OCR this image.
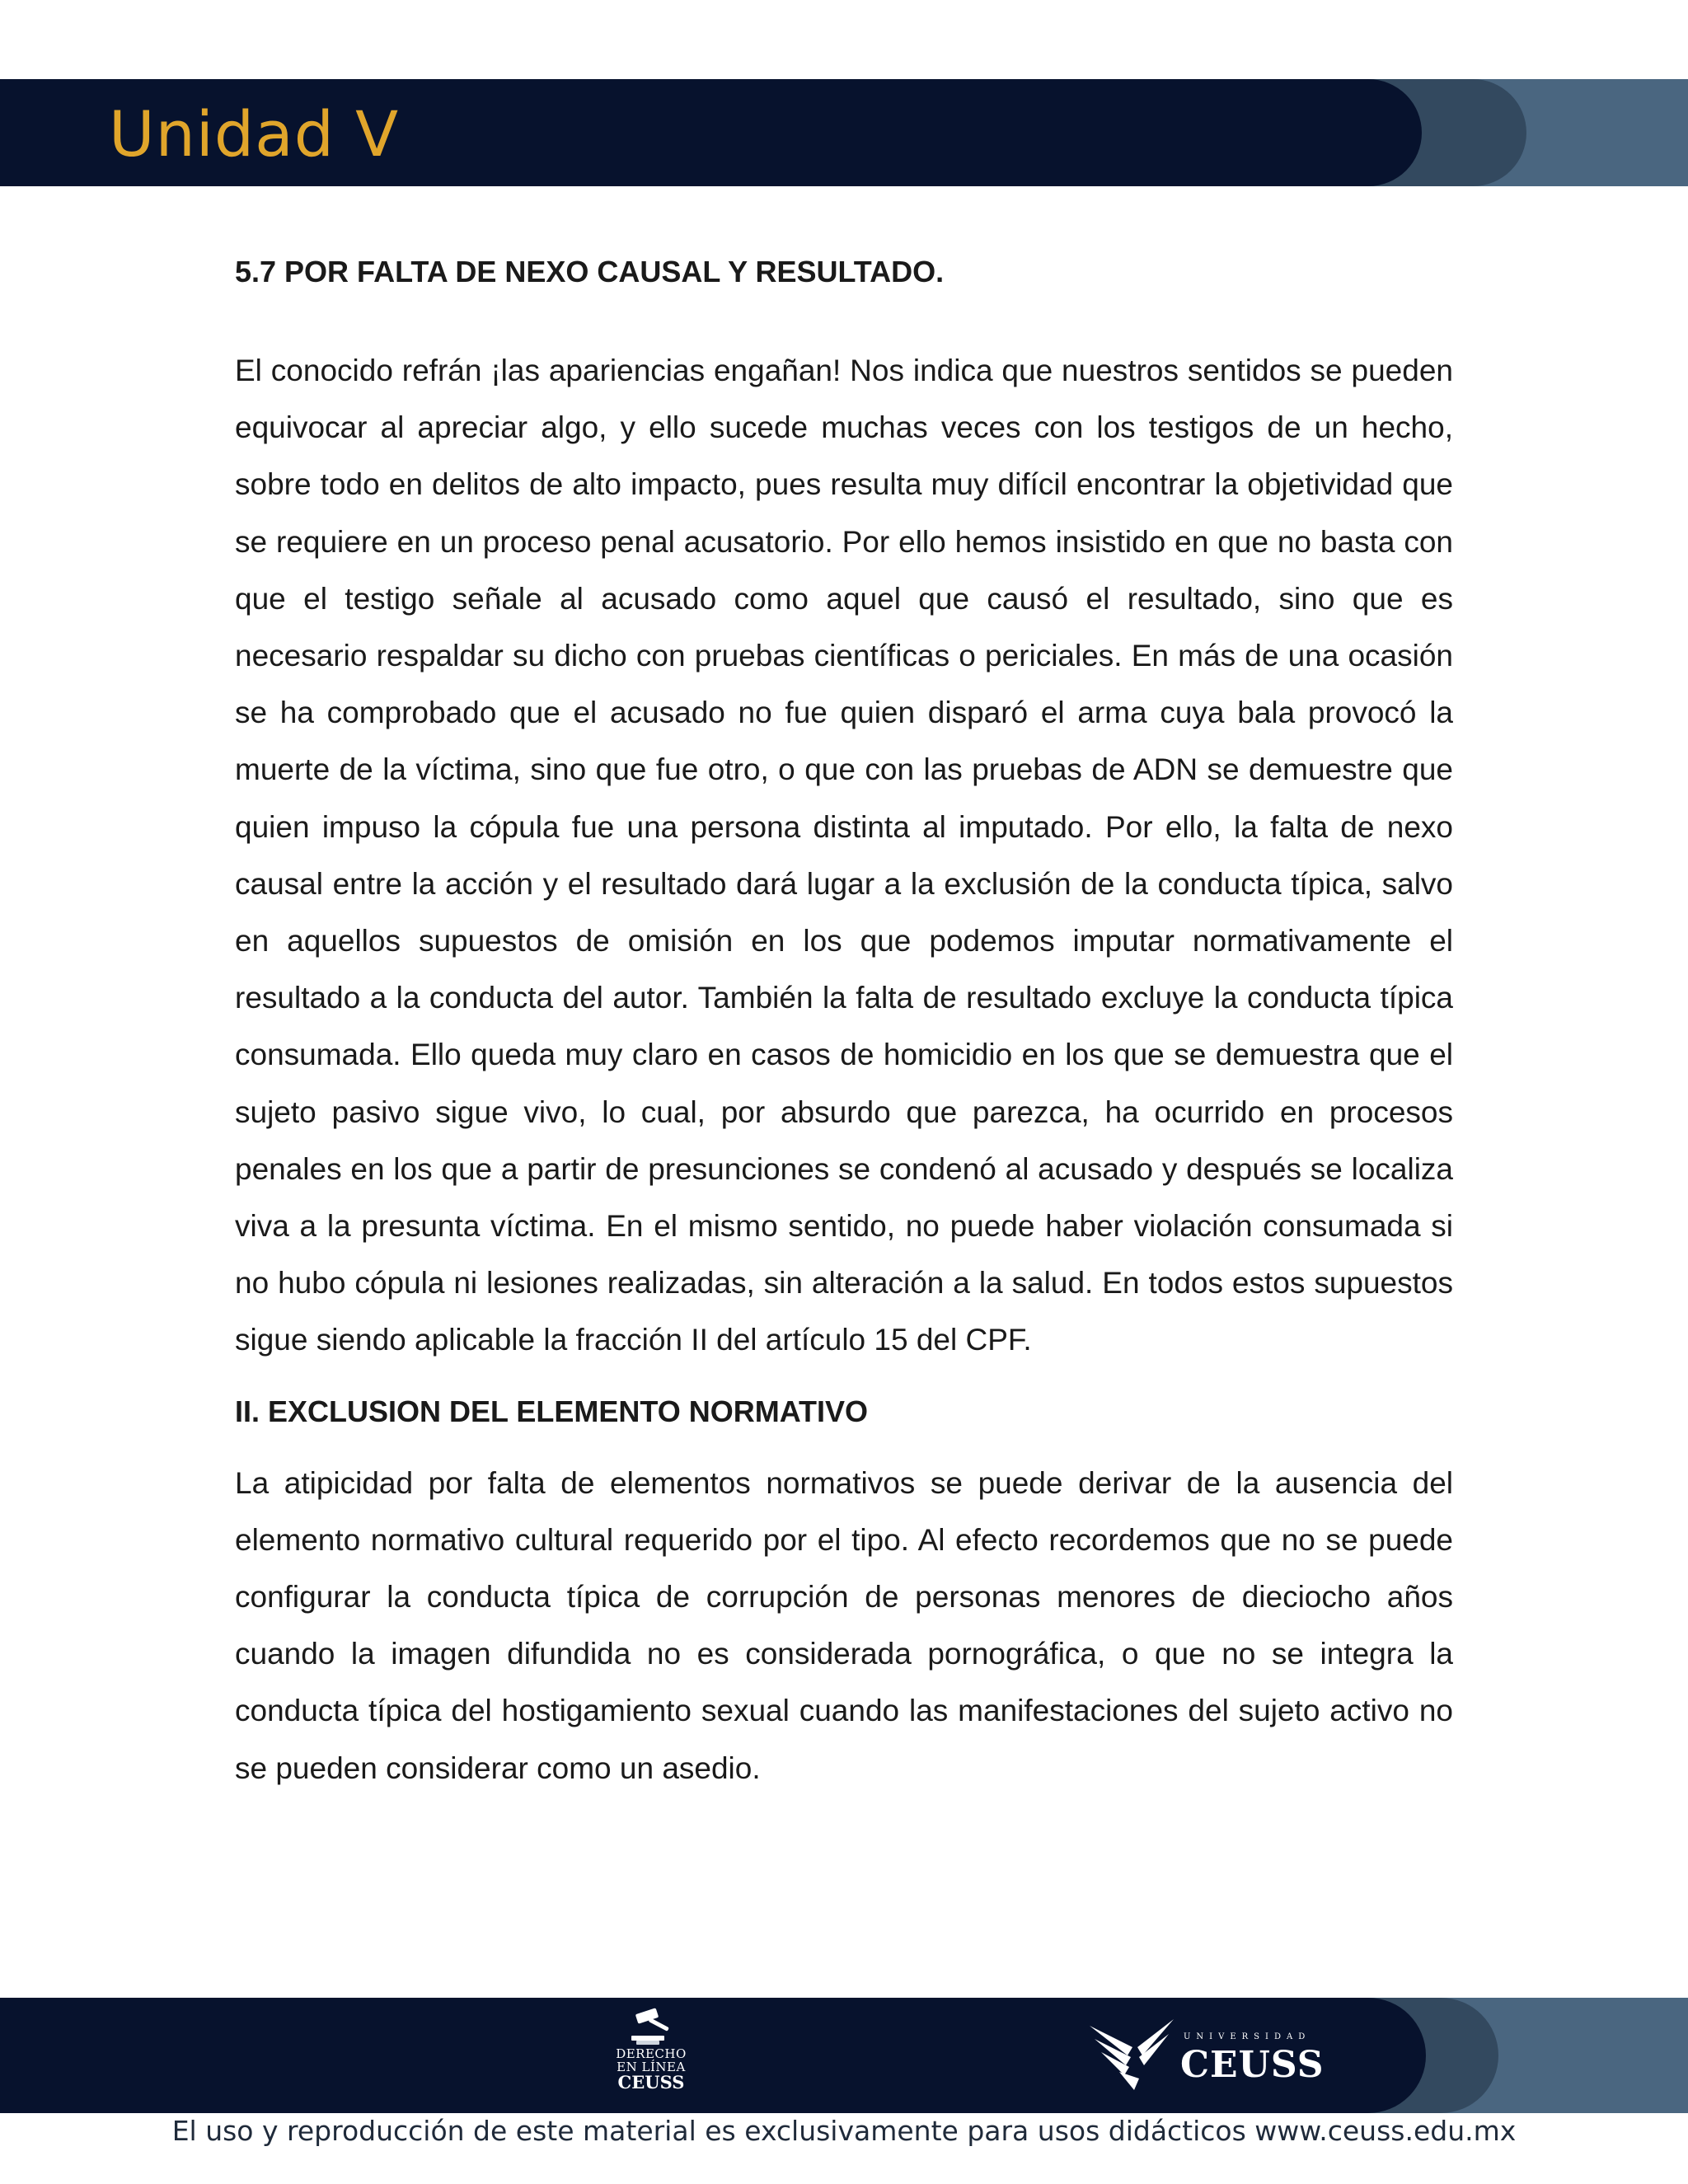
Unidad V
5.7 POR FALTA DE NEXO CAUSAL Y RESULTADO.

El conocido refrán ¡las apariencias engañan! Nos indica que nuestros sentidos se pueden equivocar al apreciar algo, y ello sucede muchas veces con los testigos de un hecho, sobre todo en delitos de alto impacto, pues resulta muy difícil encontrar la objetividad que se requiere en un proceso penal acusatorio. Por ello hemos insistido en que no basta con que el testigo señale al acusado como aquel que causó el resultado, sino que es necesario respaldar su dicho con pruebas científicas o periciales. En más de una ocasión se ha comprobado que el acusado no fue quien disparó el arma cuya bala provocó la muerte de la víctima, sino que fue otro, o que con las pruebas de ADN se demuestre que quien impuso la cópula fue una persona distinta al imputado. Por ello, la falta de nexo causal entre la acción y el resultado dará lugar a la exclusión de la conducta típica, salvo en aquellos supuestos de omisión en los que podemos imputar normativamente el resultado a la conducta del autor. También la falta de resultado excluye la conducta típica consumada. Ello queda muy claro en casos de homicidio en los que se demuestra que el sujeto pasivo sigue vivo, lo cual, por absurdo que parezca, ha ocurrido en procesos penales en los que a partir de presunciones se condenó al acusado y después se localiza viva a la presunta víctima. En el mismo sentido, no puede haber violación consumada si no hubo cópula ni lesiones realizadas, sin alteración a la salud. En todos estos supuestos sigue siendo aplicable la fracción II del artículo 15 del CPF.

II. EXCLUSION DEL ELEMENTO NORMATIVO

La atipicidad por falta de elementos normativos se puede derivar de la ausencia del elemento normativo cultural requerido por el tipo. Al efecto recordemos que no se puede configurar la conducta típica de corrupción de personas menores de dieciocho años cuando la imagen difundida no es considerada pornográfica, o que no se integra la conducta típica del hostigamiento sexual cuando las manifestaciones del sujeto activo no se pueden considerar como un asedio.

DERECHO
EN LÍNEA
CEUSS
UNIVERSIDAD
CEUSS

El uso y reproducción de este material es exclusivamente para usos didácticos www.ceuss.edu.mx
